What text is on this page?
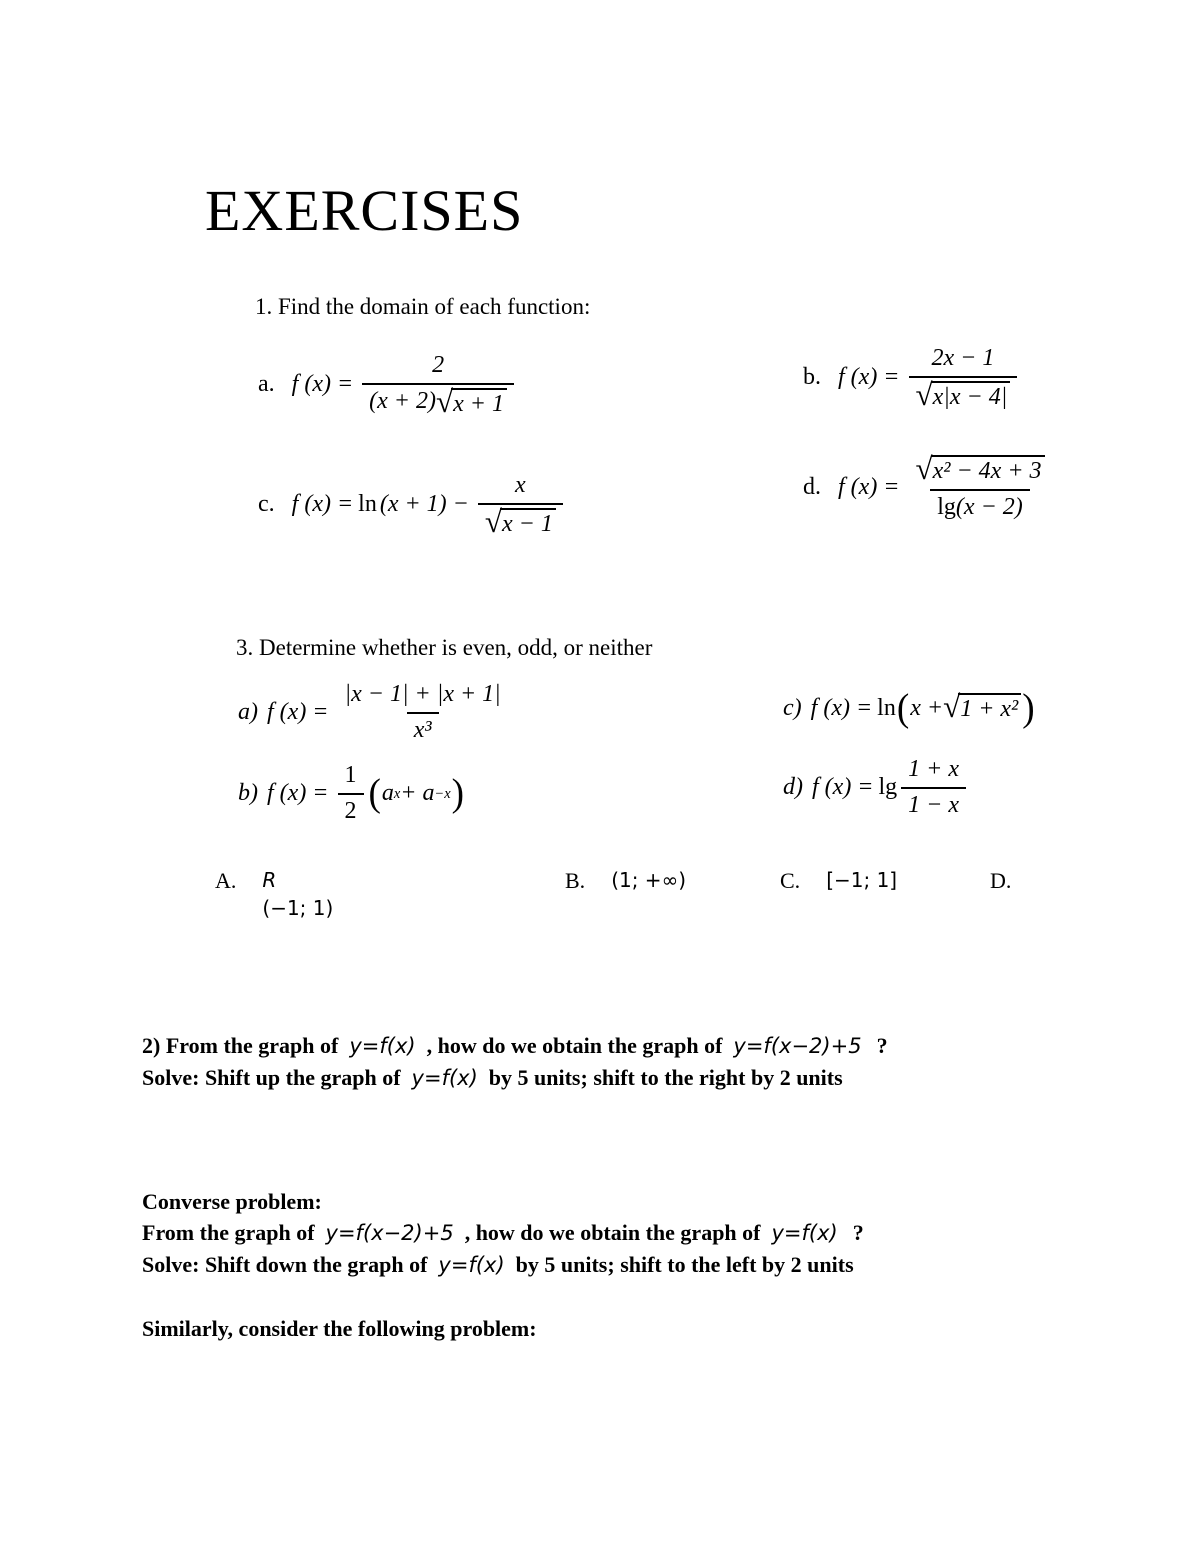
EXERCISES
1. Find the domain of each function:
a. f $(x) = \frac{2}{(x + 2) √ x + 1}$	b. f $(x) = \frac{2x - 1}{√ x|x - 4|}$
c. f $(x) = \ln (x + 1) - \frac{x}{√ x - 1}$	d. f $(x) = \frac{\text{√ x² − 4x + 3}}{\lg (x - 2)}$
3. Determine whether is even, odd, or neither
a) f $(x) = \frac{|x - 1| + |x + 1|}{\text{x³}}$	c) f (x) = ln ( x + √ 1 + x² )
b) f $(x) = \frac{1}{2}$ ( a x + a −x )	d) f $(x) = \lg \frac{1 + x}{1 - x}$
A. R
(−1; 1)
B. (1; +∞)	C. [−1; 1]	D.
2) From the graph of y=f(x) , how do we obtain the graph of y=f(x−2)+5 ?
Solve: Shift up the graph of y=f(x) by 5 units; shift to the right by 2 units
Converse problem:
From the graph of y=f(x−2)+5 , how do we obtain the graph of y=f(x) ?
Solve: Shift down the graph of y=f(x) by 5 units; shift to the left by 2 units
Similarly, consider the following problem:
